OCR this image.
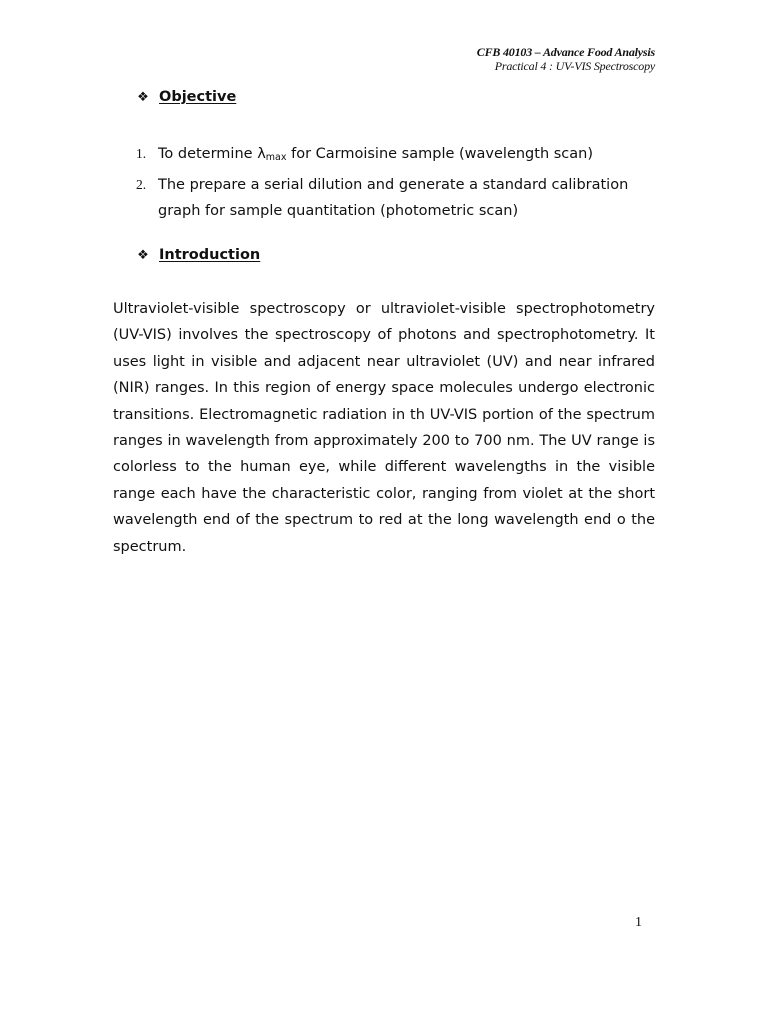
CFB 40103 – Advance Food Analysis
Practical 4 : UV-VIS Spectroscopy
❖ Objective
1. To determine $\lambda_{max}$ for Carmoisine sample (wavelength scan)
2. The prepare a serial dilution and generate a standard calibration graph for sample quantitation (photometric scan)
❖ Introduction
Ultraviolet-visible spectroscopy or ultraviolet-visible spectrophotometry (UV-VIS) involves the spectroscopy of photons and spectrophotometry. It uses light in visible and adjacent near ultraviolet (UV) and near infrared (NIR) ranges. In this region of energy space molecules undergo electronic transitions. Electromagnetic radiation in th UV-VIS portion of the spectrum ranges in wavelength from approximately 200 to 700 nm. The UV range is colorless to the human eye, while different wavelengths in the visible range each have the characteristic color, ranging from violet at the short wavelength end of the spectrum to red at the long wavelength end o the spectrum.
1
